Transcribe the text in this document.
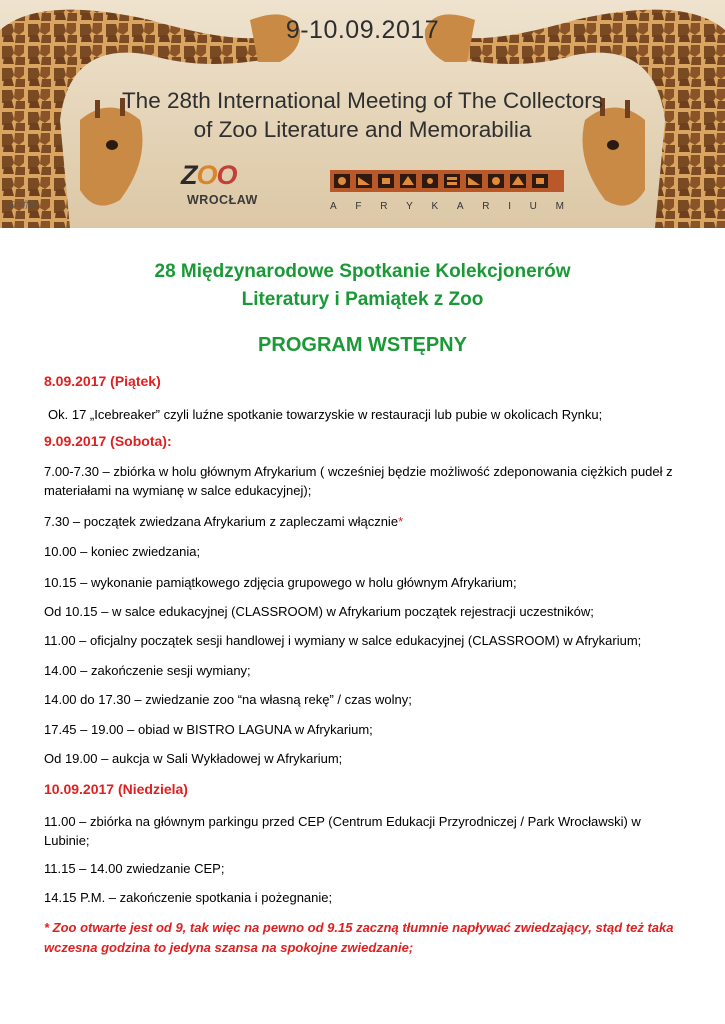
9-10.09.2017
The 28th International Meeting of The Collectors
of Zoo Literature and Memorabilia
ZOO
WROCŁAW	A F R Y K A R I U M
Kruffer
28 Międzynarodowe Spotkanie Kolekcjonerów
Literatury i Pamiątek z Zoo
PROGRAM WSTĘPNY
8.09.2017 (Piątek)
Ok. 17 „Icebreaker” czyli luźne spotkanie towarzyskie w restauracji lub pubie w okolicach Rynku;
9.09.2017 (Sobota):
7.00-7.30 – zbiórka w holu głównym Afrykarium ( wcześniej będzie możliwość zdeponowania ciężkich pudeł z materiałami na wymianę w salce edukacyjnej);
7.30 – początek zwiedzana Afrykarium z zapleczami włącznie*
10.00 – koniec zwiedzania;
10.15 – wykonanie pamiątkowego zdjęcia grupowego w holu głównym Afrykarium;
Od 10.15 – w salce edukacyjnej (CLASSROOM) w Afrykarium początek rejestracji uczestników;
11.00 – oficjalny początek sesji handlowej i wymiany w salce edukacyjnej (CLASSROOM) w Afrykarium;
14.00 – zakończenie sesji wymiany;
14.00 do 17.30 – zwiedzanie zoo “na własną rekę” / czas wolny;
17.45 – 19.00 – obiad w BISTRO LAGUNA w Afrykarium;
Od 19.00 – aukcja w Sali Wykładowej w Afrykarium;
10.09.2017 (Niedziela)
11.00 – zbiórka na głównym parkingu przed CEP (Centrum Edukacji Przyrodniczej / Park Wrocławski) w Lubinie;
11.15 – 14.00 zwiedzanie CEP;
14.15 P.M. – zakończenie spotkania i pożegnanie;
* Zoo otwarte jest od 9, tak więc na pewno od 9.15 zaczną tłumnie napływać zwiedzający, stąd też taka wczesna godzina to jedyna szansa na spokojne zwiedzanie;
